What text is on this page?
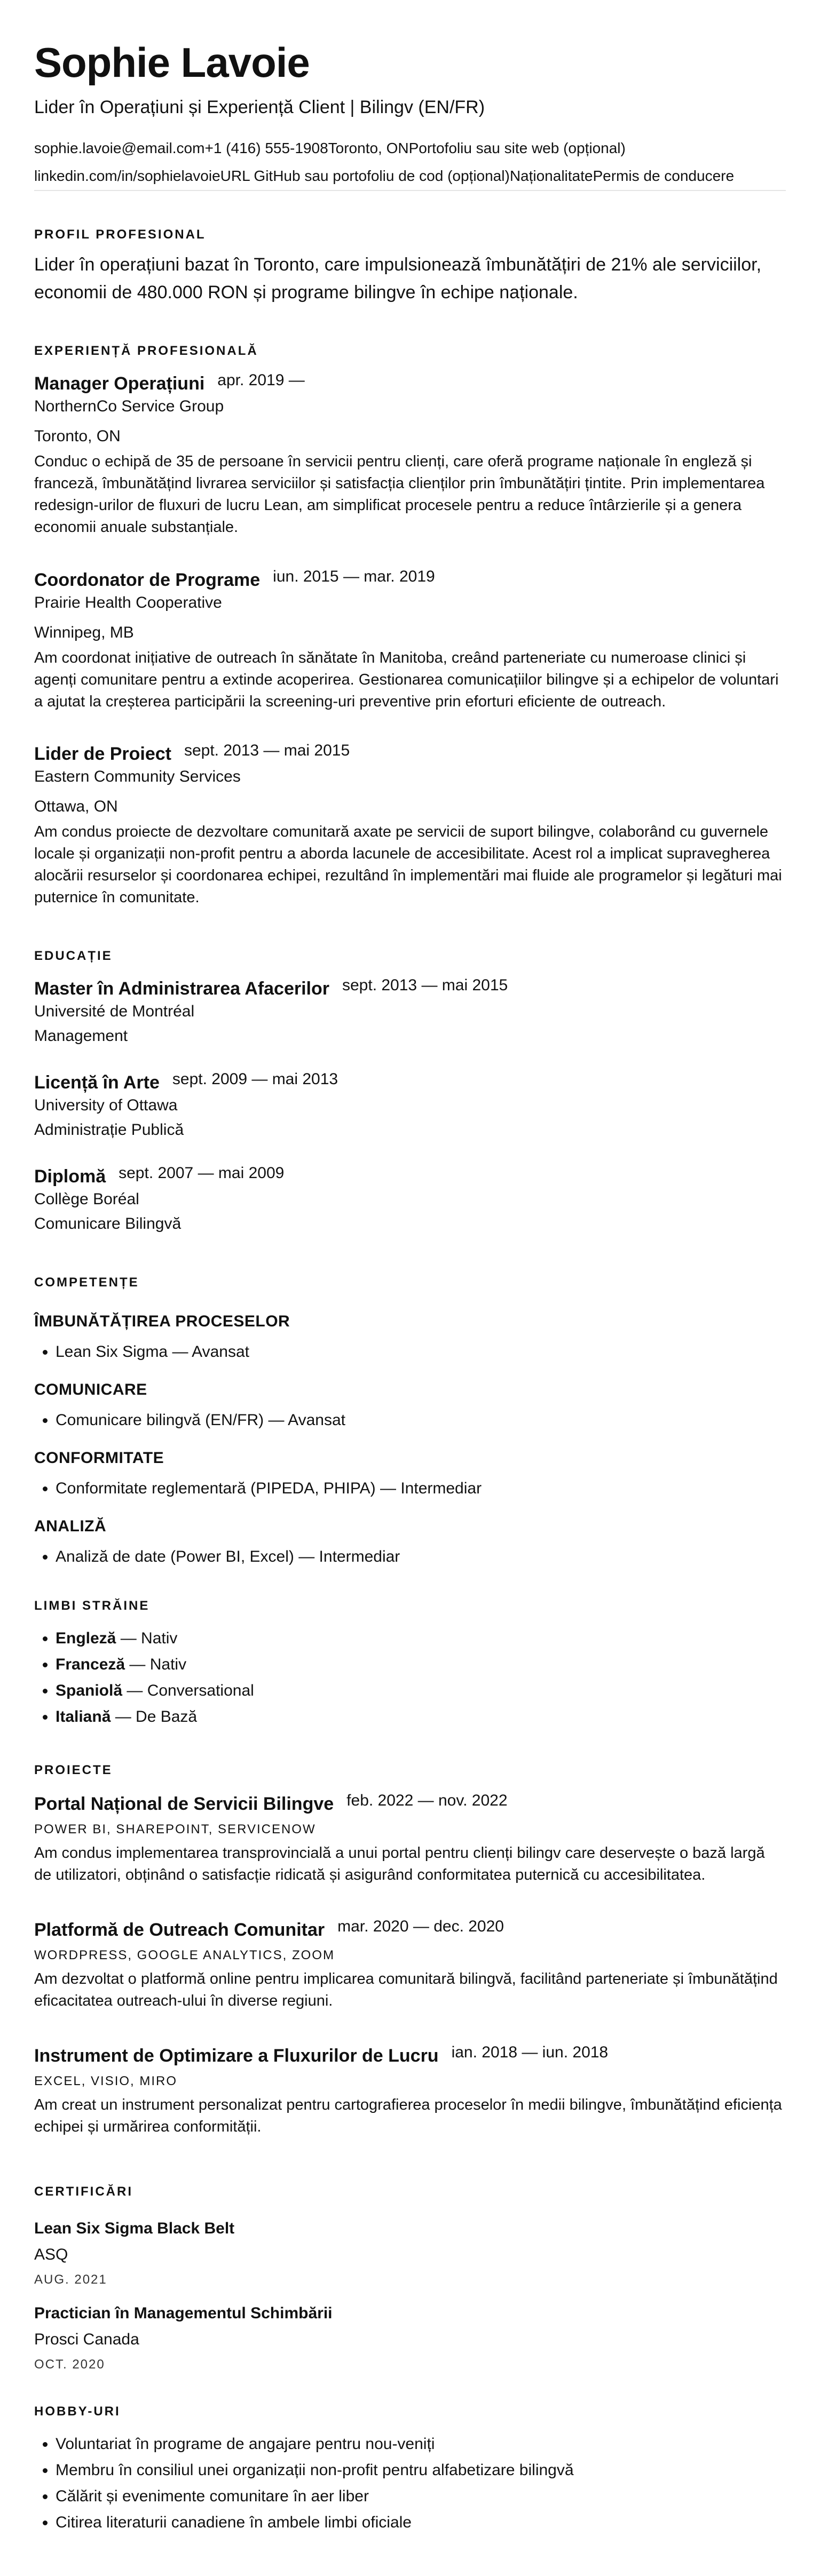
Sophie Lavoie

Lider în Operațiuni și Experiență Client | Bilingv (EN/FR)

sophie.lavoie@email.com+1 (416) 555-1908Toronto, ONPortofoliu sau site web (opțional)
linkedin.com/in/sophielavoieURL GitHub sau portofoliu de cod (opțional)NaționalitatePermis de conducere
PROFIL PROFESIONAL

Lider în operațiuni bazat în Toronto, care impulsionează îmbunătățiri de 21% ale serviciilor, economii de 480.000 RON și programe bilingve în echipe naționale.

EXPERIENȚĂ PROFESIONALĂ
Manager Operațiuni apr. 2019 —
NorthernCo Service Group
Toronto, ON
Conduc o echipă de 35 de persoane în servicii pentru clienți, care oferă programe naționale în engleză și franceză, îmbunătățind livrarea serviciilor și satisfacția clienților prin îmbunătățiri țintite. Prin implementarea redesign-urilor de fluxuri de lucru Lean, am simplificat procesele pentru a reduce întârzierile și a genera economii anuale substanțiale.
Coordonator de Programe iun. 2015 — mar. 2019
Prairie Health Cooperative
Winnipeg, MB
Am coordonat inițiative de outreach în sănătate în Manitoba, creând parteneriate cu numeroase clinici și agenți comunitare pentru a extinde acoperirea. Gestionarea comunicațiilor bilingve și a echipelor de voluntari a ajutat la creșterea participării la screening-uri preventive prin eforturi eficiente de outreach.
Lider de Proiect sept. 2013 — mai 2015
Eastern Community Services
Ottawa, ON
Am condus proiecte de dezvoltare comunitară axate pe servicii de suport bilingve, colaborând cu guvernele locale și organizații non-profit pentru a aborda lacunele de accesibilitate. Acest rol a implicat supravegherea alocării resurselor și coordonarea echipei, rezultând în implementări mai fluide ale programelor și legături mai puternice în comunitate.
EDUCAȚIE
Master în Administrarea Afacerilor sept. 2013 — mai 2015
Université de Montréal
Management
Licență în Arte sept. 2009 — mai 2013
University of Ottawa
Administrație Publică
Diplomă sept. 2007 — mai 2009
Collège Boréal
Comunicare Bilingvă
COMPETENȚE
ÎMBUNĂTĂȚIREA PROCESELOR
• Lean Six Sigma — Avansat
COMUNICARE
• Comunicare bilingvă (EN/FR) — Avansat
CONFORMITATE
• Conformitate reglementară (PIPEDA, PHIPA) — Intermediar
ANALIZĂ
• Analiză de date (Power BI, Excel) — Intermediar
LIMBI STRĂINE
• Engleză — Nativ
• Franceză — Nativ
• Spaniolă — Conversational
• Italiană — De Bază
PROIECTE
Portal Național de Servicii Bilingve feb. 2022 — nov. 2022
POWER BI, SHAREPOINT, SERVICENOW
Am condus implementarea transprovincială a unui portal pentru clienți bilingv care deservește o bază largă de utilizatori, obținând o satisfacție ridicată și asigurând conformitatea puternică cu accesibilitatea.
Platformă de Outreach Comunitar mar. 2020 — dec. 2020
WORDPRESS, GOOGLE ANALYTICS, ZOOM
Am dezvoltat o platformă online pentru implicarea comunitară bilingvă, facilitând parteneriate și îmbunătățind eficacitatea outreach-ului în diverse regiuni.
Instrument de Optimizare a Fluxurilor de Lucru ian. 2018 — iun. 2018
EXCEL, VISIO, MIRO
Am creat un instrument personalizat pentru cartografierea proceselor în medii bilingve, îmbunătățind eficiența echipei și urmărirea conformității.
CERTIFICĂRI
Lean Six Sigma Black Belt
ASQ
AUG. 2021
Practician în Managementul Schimbării
Prosci Canada
OCT. 2020
HOBBY-URI
• Voluntariat în programe de angajare pentru nou-veniți
• Membru în consiliul unei organizații non-profit pentru alfabetizare bilingvă
• Călărit și evenimente comunitare în aer liber
• Citirea literaturii canadiene în ambele limbi oficiale
